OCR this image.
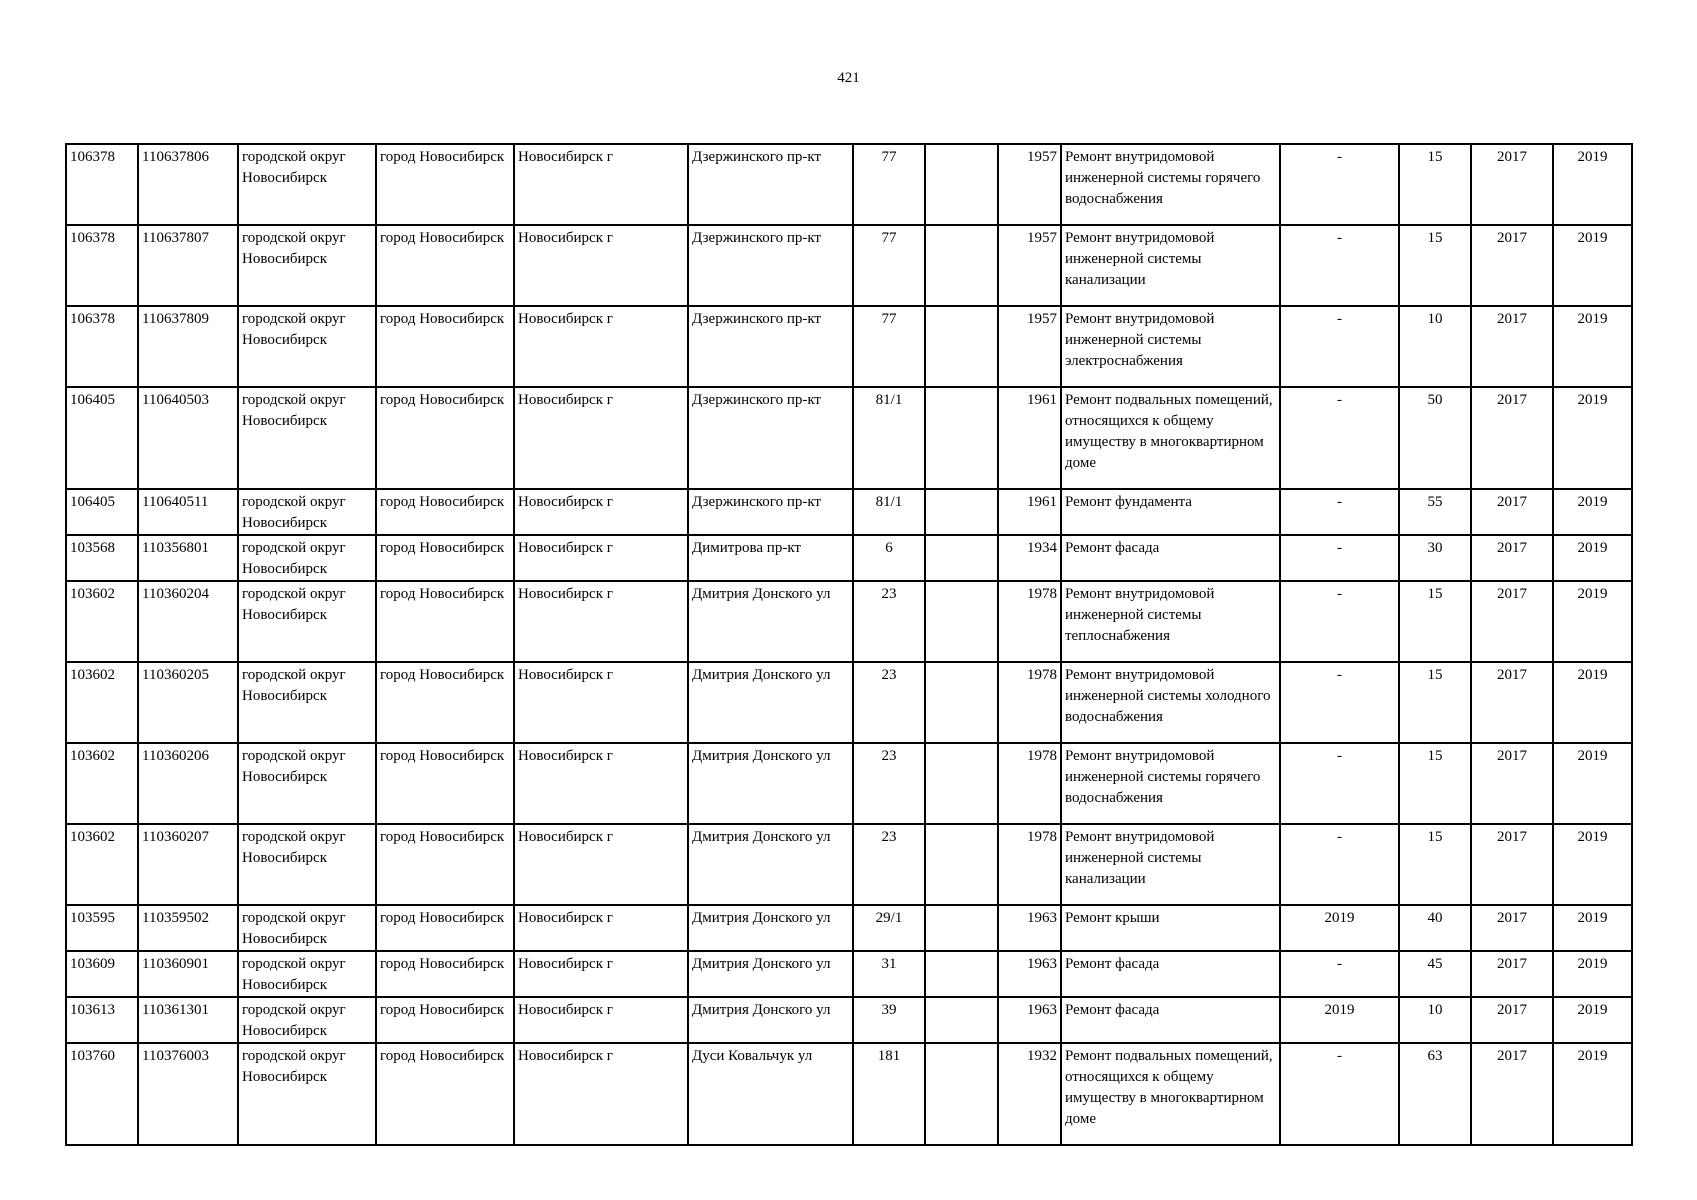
421
106378	110637806	городской округ Новосибирск	город Новосибирск	Новосибирск г	Дзержинского пр-кт	77		1957	Ремонт внутридомовой инженерной системы горячего водоснабжения	-	15	2017	2019
106378	110637807	городской округ Новосибирск	город Новосибирск	Новосибирск г	Дзержинского пр-кт	77		1957	Ремонт внутридомовой инженерной системы канализации	-	15	2017	2019
106378	110637809	городской округ Новосибирск	город Новосибирск	Новосибирск г	Дзержинского пр-кт	77		1957	Ремонт внутридомовой инженерной системы электроснабжения	-	10	2017	2019
106405	110640503	городской округ Новосибирск	город Новосибирск	Новосибирск г	Дзержинского пр-кт	81/1		1961	Ремонт подвальных помещений, относящихся к общему имуществу в многоквартирном доме	-	50	2017	2019
106405	110640511	городской округ Новосибирск	город Новосибирск	Новосибирск г	Дзержинского пр-кт	81/1		1961	Ремонт фундамента	-	55	2017	2019
103568	110356801	городской округ Новосибирск	город Новосибирск	Новосибирск г	Димитрова пр-кт	6		1934	Ремонт фасада	-	30	2017	2019
103602	110360204	городской округ Новосибирск	город Новосибирск	Новосибирск г	Дмитрия Донского ул	23		1978	Ремонт внутридомовой инженерной системы теплоснабжения	-	15	2017	2019
103602	110360205	городской округ Новосибирск	город Новосибирск	Новосибирск г	Дмитрия Донского ул	23		1978	Ремонт внутридомовой инженерной системы холодного водоснабжения	-	15	2017	2019
103602	110360206	городской округ Новосибирск	город Новосибирск	Новосибирск г	Дмитрия Донского ул	23		1978	Ремонт внутридомовой инженерной системы горячего водоснабжения	-	15	2017	2019
103602	110360207	городской округ Новосибирск	город Новосибирск	Новосибирск г	Дмитрия Донского ул	23		1978	Ремонт внутридомовой инженерной системы канализации	-	15	2017	2019
103595	110359502	городской округ Новосибирск	город Новосибирск	Новосибирск г	Дмитрия Донского ул	29/1		1963	Ремонт крыши	2019	40	2017	2019
103609	110360901	городской округ Новосибирск	город Новосибирск	Новосибирск г	Дмитрия Донского ул	31		1963	Ремонт фасада	-	45	2017	2019
103613	110361301	городской округ Новосибирск	город Новосибирск	Новосибирск г	Дмитрия Донского ул	39		1963	Ремонт фасада	2019	10	2017	2019
103760	110376003	городской округ Новосибирск	город Новосибирск	Новосибирск г	Дуси Ковальчук ул	181		1932	Ремонт подвальных помещений, относящихся к общему имуществу в многоквартирном доме	-	63	2017	2019
